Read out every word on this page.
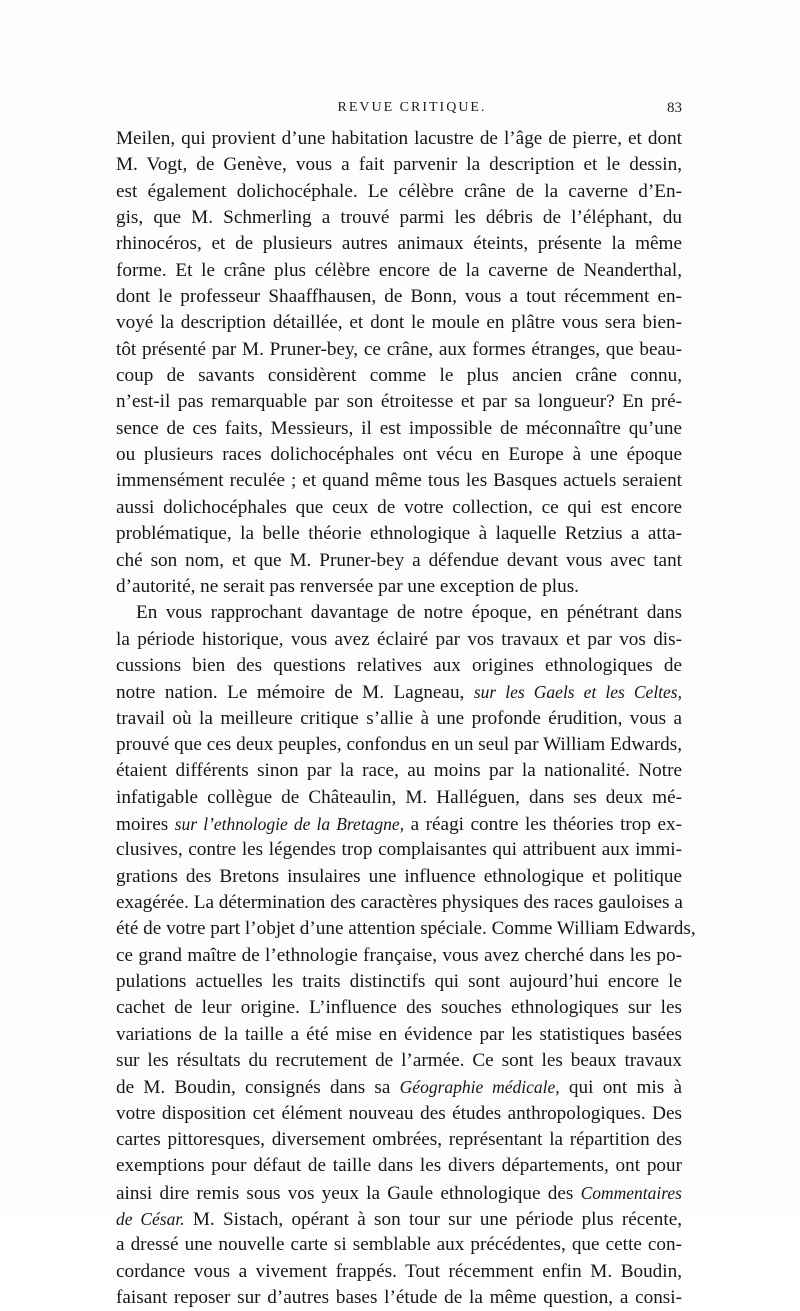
REVUE CRITIQUE.	83
Meilen, qui provient d’une habitation lacustre de l’âge de pierre, et dont
M. Vogt, de Genève, vous a fait parvenir la description et le dessin,
est également dolichocéphale. Le célèbre crâne de la caverne d’En-
gis, que M. Schmerling a trouvé parmi les débris de l’éléphant, du
rhinocéros, et de plusieurs autres animaux éteints, présente la même
forme. Et le crâne plus célèbre encore de la caverne de Neanderthal,
dont le professeur Shaaffhausen, de Bonn, vous a tout récemment en-
voyé la description détaillée, et dont le moule en plâtre vous sera bien-
tôt présenté par M. Pruner-bey, ce crâne, aux formes étranges, que beau-
coup de savants considèrent comme le plus ancien crâne connu,
n’est-il pas remarquable par son étroitesse et par sa longueur? En pré-
sence de ces faits, Messieurs, il est impossible de méconnaître qu’une
ou plusieurs races dolichocéphales ont vécu en Europe à une époque
immensément reculée ; et quand même tous les Basques actuels seraient
aussi dolichocéphales que ceux de votre collection, ce qui est encore
problématique, la belle théorie ethnologique à laquelle Retzius a atta-
ché son nom, et que M. Pruner-bey a défendue devant vous avec tant
d’autorité, ne serait pas renversée par une exception de plus.
En vous rapprochant davantage de notre époque, en pénétrant dans
la période historique, vous avez éclairé par vos travaux et par vos dis-
cussions bien des questions relatives aux origines ethnologiques de
notre nation. Le mémoire de M. Lagneau, sur les Gaels et les Celtes,
travail où la meilleure critique s’allie à une profonde érudition, vous a
prouvé que ces deux peuples, confondus en un seul par William Edwards,
étaient différents sinon par la race, au moins par la nationalité. Notre
infatigable collègue de Châteaulin, M. Halléguen, dans ses deux mé-
moires sur l’ethnologie de la Bretagne, a réagi contre les théories trop ex-
clusives, contre les légendes trop complaisantes qui attribuent aux immi-
grations des Bretons insulaires une influence ethnologique et politique
exagérée. La détermination des caractères physiques des races gauloises a
été de votre part l’objet d’une attention spéciale. Comme William Edwards,
ce grand maître de l’ethnologie française, vous avez cherché dans les po-
pulations actuelles les traits distinctifs qui sont aujourd’hui encore le
cachet de leur origine. L’influence des souches ethnologiques sur les
variations de la taille a été mise en évidence par les statistiques basées
sur les résultats du recrutement de l’armée. Ce sont les beaux travaux
de M. Boudin, consignés dans sa Géographie médicale, qui ont mis à
votre disposition cet élément nouveau des études anthropologiques. Des
cartes pittoresques, diversement ombrées, représentant la répartition des
exemptions pour défaut de taille dans les divers départements, ont pour
ainsi dire remis sous vos yeux la Gaule ethnologique des Commentaires
de César. M. Sistach, opérant à son tour sur une période plus récente,
a dressé une nouvelle carte si semblable aux précédentes, que cette con-
cordance vous a vivement frappés. Tout récemment enfin M. Boudin,
faisant reposer sur d’autres bases l’étude de la même question, a consi-
